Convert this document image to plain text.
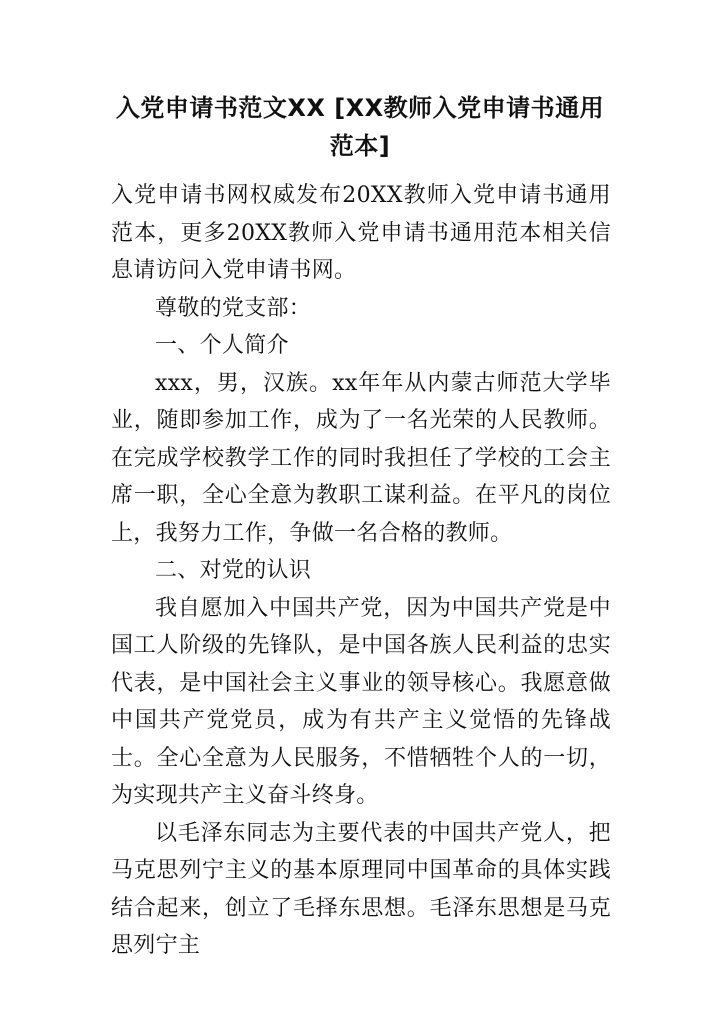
入党申请书范文XX [XX教师入党申请书通用范本]

入党申请书网权威发布20XX教师入党申请书通用范本，更多20XX教师入党申请书通用范本相关信息请访问入党申请书网。

尊敬的党支部：

一、个人简介

xxx，男，汉族。xx年年从内蒙古师范大学毕业，随即参加工作，成为了一名光荣的人民教师。在完成学校教学工作的同时我担任了学校的工会主席一职，全心全意为教职工谋利益。在平凡的岗位上，我努力工作，争做一名合格的教师。

二、对党的认识

我自愿加入中国共产党，因为中国共产党是中国工人阶级的先锋队，是中国各族人民利益的忠实代表，是中国社会主义事业的领导核心。我愿意做中国共产党党员，成为有共产主义觉悟的先锋战士。全心全意为人民服务，不惜牺牲个人的一切，为实现共产主义奋斗终身。

以毛泽东同志为主要代表的中国共产党人，把马克思列宁主义的基本原理同中国革命的具体实践结合起来，创立了毛择东思想。毛泽东思想是马克思列宁主
